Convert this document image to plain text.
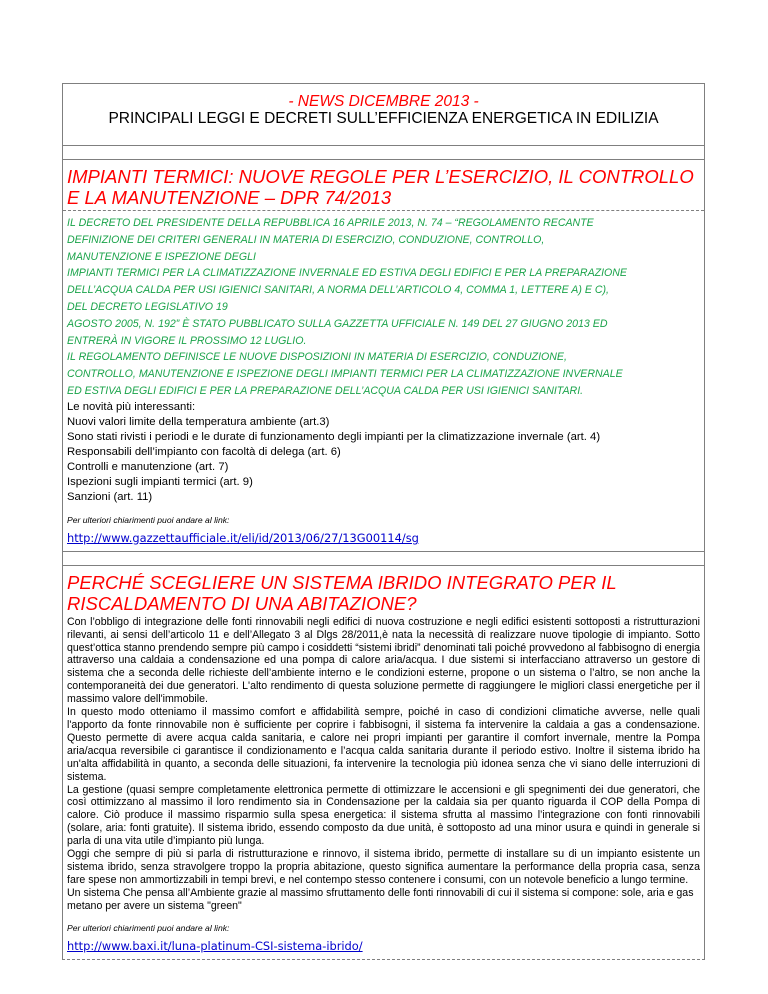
- NEWS DICEMBRE 2013 -
PRINCIPALI LEGGI E DECRETI SULL’EFFICIENZA ENERGETICA IN EDILIZIA
IMPIANTI TERMICI: NUOVE REGOLE PER L’ESERCIZIO, IL CONTROLLO E LA MANUTENZIONE – DPR 74/2013
IL DECRETO DEL PRESIDENTE DELLA REPUBBLICA 16 APRILE 2013, N. 74 – “REGOLAMENTO RECANTE
DEFINIZIONE DEI CRITERI GENERALI IN MATERIA DI ESERCIZIO, CONDUZIONE, CONTROLLO,
MANUTENZIONE E ISPEZIONE DEGLI
IMPIANTI TERMICI PER LA CLIMATIZZAZIONE INVERNALE ED ESTIVA DEGLI EDIFICI E PER LA PREPARAZIONE
DELL’ACQUA CALDA PER USI IGIENICI SANITARI, A NORMA DELL’ARTICOLO 4, COMMA 1, LETTERE A) E C),
DEL DECRETO LEGISLATIVO 19
AGOSTO 2005, N. 192” È STATO PUBBLICATO SULLA GAZZETTA UFFICIALE N. 149 DEL 27 GIUGNO 2013 ED
ENTRERÀ IN VIGORE IL PROSSIMO 12 LUGLIO.
IL REGOLAMENTO DEFINISCE LE NUOVE DISPOSIZIONI IN MATERIA DI ESERCIZIO, CONDUZIONE,
CONTROLLO, MANUTENZIONE E ISPEZIONE DEGLI IMPIANTI TERMICI PER LA CLIMATIZZAZIONE INVERNALE
ED ESTIVA DEGLI EDIFICI E PER LA PREPARAZIONE DELL’ACQUA CALDA PER USI IGIENICI SANITARI.
Le novità più interessanti:
Nuovi valori limite della temperatura ambiente (art.3)
Sono stati rivisti i periodi e le durate di funzionamento degli impianti per la climatizzazione invernale (art. 4)
Responsabili dell’impianto con facoltà di delega (art. 6)
Controlli e manutenzione (art. 7)
Ispezioni sugli impianti termici (art. 9)
Sanzioni (art. 11)
Per ulteriori chiarimenti puoi andare al link:
http://www.gazzettaufficiale.it/eli/id/2013/06/27/13G00114/sg
PERCHÉ SCEGLIERE UN SISTEMA IBRIDO INTEGRATO PER IL RISCALDAMENTO DI UNA ABITAZIONE?
Con l’obbligo di integrazione delle fonti rinnovabili negli edifici di nuova costruzione e negli edifici esistenti sottoposti a ristrutturazioni rilevanti, ai sensi dell’articolo 11 e dell’Allegato 3 al Dlgs 28/2011,è nata la necessità di realizzare nuove tipologie di impianto. Sotto quest’ottica stanno prendendo sempre più campo i cosiddetti “sistemi ibridi” denominati tali poiché provvedono al fabbisogno di energia attraverso una caldaia a condensazione ed una pompa di calore aria/acqua. I due sistemi si interfacciano attraverso un gestore di sistema che a seconda delle richieste dell’ambiente interno e le condizioni esterne, propone o un sistema o l’altro, se non anche la contemporaneità dei due generatori. L'alto rendimento di questa soluzione permette di raggiungere le migliori classi energetiche per il massimo valore dell'immobile.
In questo modo otteniamo il massimo comfort e affidabilità sempre, poiché in caso di condizioni climatiche avverse, nelle quali l'apporto da fonte rinnovabile non è sufficiente per coprire i fabbisogni, il sistema fa intervenire la caldaia a gas a condensazione. Questo permette di avere acqua calda sanitaria, e calore nei propri impianti per garantire il comfort invernale, mentre la Pompa aria/acqua reversibile ci garantisce il condizionamento e l’acqua calda sanitaria durante il periodo estivo. Inoltre il sistema ibrido ha un'alta affidabilità in quanto, a seconda delle situazioni, fa intervenire la tecnologia più idonea senza che vi siano delle interruzioni di sistema.
La gestione (quasi sempre completamente elettronica permette di ottimizzare le accensioni e gli spegnimenti dei due generatori, che così ottimizzano al massimo il loro rendimento sia in Condensazione per la caldaia sia per quanto riguarda il COP della Pompa di calore. Ciò produce il massimo risparmio sulla spesa energetica: il sistema sfrutta al massimo l’integrazione con fonti rinnovabili (solare, aria: fonti gratuite). Il sistema ibrido, essendo composto da due unità, è sottoposto ad una minor usura e quindi in generale si parla di una vita utile d’impianto più lunga.
Oggi che sempre di più si parla di ristrutturazione e rinnovo, il sistema ibrido, permette di installare su di un impianto esistente un sistema ibrido, senza stravolgere troppo la propria abitazione, questo significa aumentare la performance della propria casa, senza fare spese non ammortizzabili in tempi brevi, e nel contempo stesso contenere i consumi, con un notevole beneficio a lungo termine.
Un sistema Che pensa all’Ambiente grazie al massimo sfruttamento delle fonti rinnovabili di cui il sistema si compone: sole, aria e gas metano per avere un sistema "green"
Per ulteriori chiarimenti puoi andare al link:
http://www.baxi.it/luna-platinum-CSI-sistema-ibrido/
